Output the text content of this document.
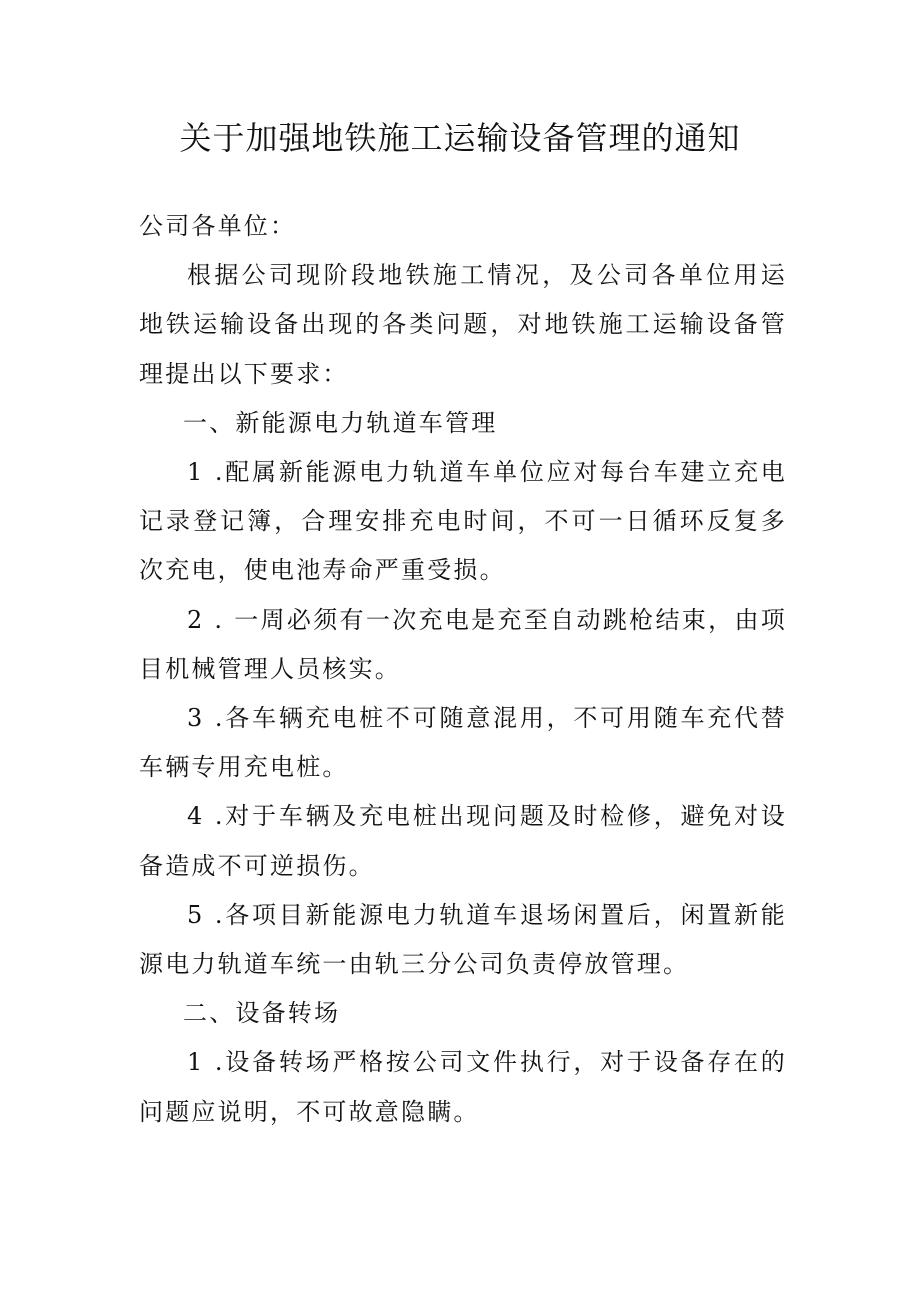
关于加强地铁施工运输设备管理的通知

公司各单位：

根据公司现阶段地铁施工情况，及公司各单位用运地铁运输设备出现的各类问题，对地铁施工运输设备管理提出以下要求：

一、新能源电力轨道车管理

1 .配属新能源电力轨道车单位应对每台车建立充电记录登记簿，合理安排充电时间，不可一日循环反复多次充电，使电池寿命严重受损。

2 . 一周必须有一次充电是充至自动跳枪结束，由项目机械管理人员核实。

3 .各车辆充电桩不可随意混用，不可用随车充代替车辆专用充电桩。

4 .对于车辆及充电桩出现问题及时检修，避免对设备造成不可逆损伤。

5 .各项目新能源电力轨道车退场闲置后，闲置新能源电力轨道车统一由轨三分公司负责停放管理。

二、设备转场

1 .设备转场严格按公司文件执行，对于设备存在的问题应说明，不可故意隐瞒。
